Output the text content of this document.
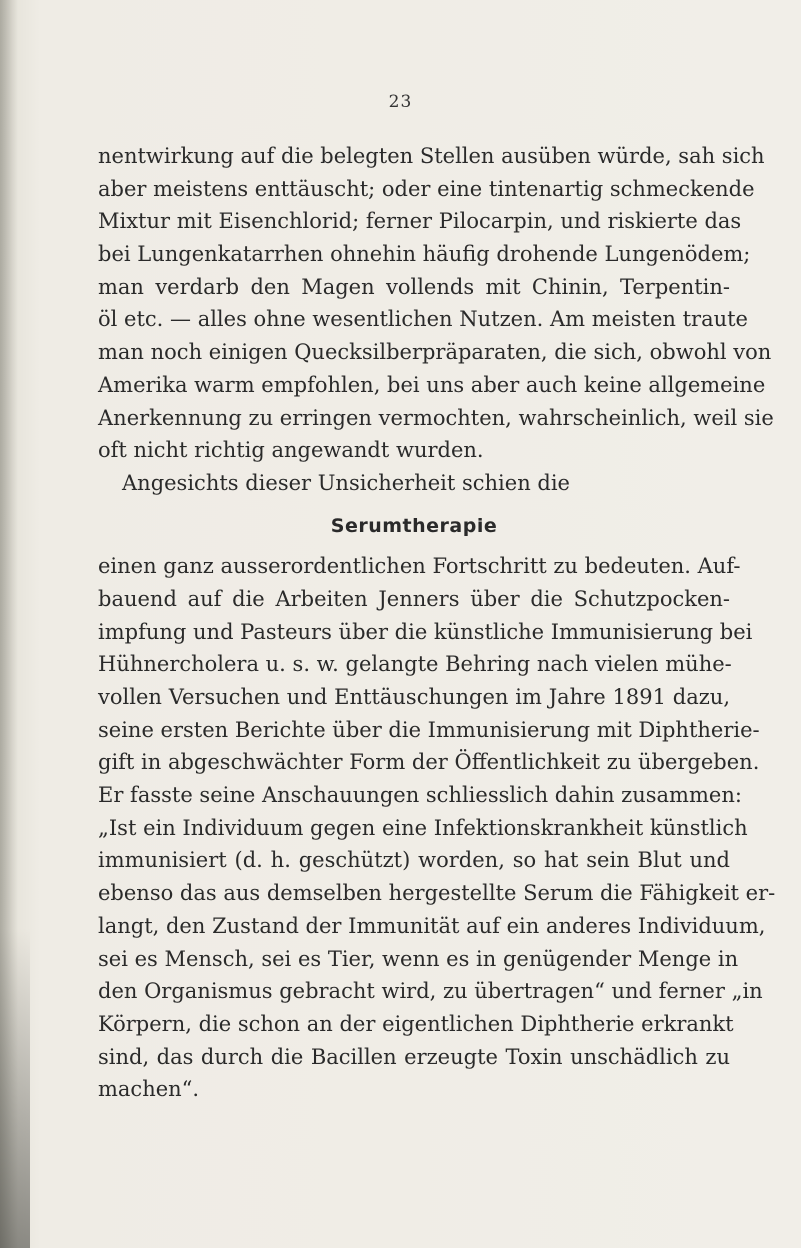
23
nentwirkung auf die belegten Stellen ausüben würde, sah sich
aber meistens enttäuscht; oder eine tintenartig schmeckende
Mixtur mit Eisenchlorid; ferner Pilocarpin, und riskierte das
bei Lungenkatarrhen ohnehin häufig drohende Lungenödem;
man verdarb den Magen vollends mit Chinin, Terpentin-
öl etc. — alles ohne wesentlichen Nutzen. Am meisten traute
man noch einigen Quecksilberpräparaten, die sich, obwohl von
Amerika warm empfohlen, bei uns aber auch keine allgemeine
Anerkennung zu erringen vermochten, wahrscheinlich, weil sie
oft nicht richtig angewandt wurden.
Angesichts dieser Unsicherheit schien die
Serumtherapie
einen ganz ausserordentlichen Fortschritt zu bedeuten. Auf-
bauend auf die Arbeiten Jenners über die Schutzpocken-
impfung und Pasteurs über die künstliche Immunisierung bei
Hühnercholera u. s. w. gelangte Behring nach vielen mühe-
vollen Versuchen und Enttäuschungen im Jahre 1891 dazu,
seine ersten Berichte über die Immunisierung mit Diphtherie-
gift in abgeschwächter Form der Öffentlichkeit zu übergeben.
Er fasste seine Anschauungen schliesslich dahin zusammen:
„Ist ein Individuum gegen eine Infektionskrankheit künstlich
immunisiert (d. h. geschützt) worden, so hat sein Blut und
ebenso das aus demselben hergestellte Serum die Fähigkeit er-
langt, den Zustand der Immunität auf ein anderes Individuum,
sei es Mensch, sei es Tier, wenn es in genügender Menge in
den Organismus gebracht wird, zu übertragen“ und ferner „in
Körpern, die schon an der eigentlichen Diphtherie erkrankt
sind, das durch die Bacillen erzeugte Toxin unschädlich zu
machen“.
